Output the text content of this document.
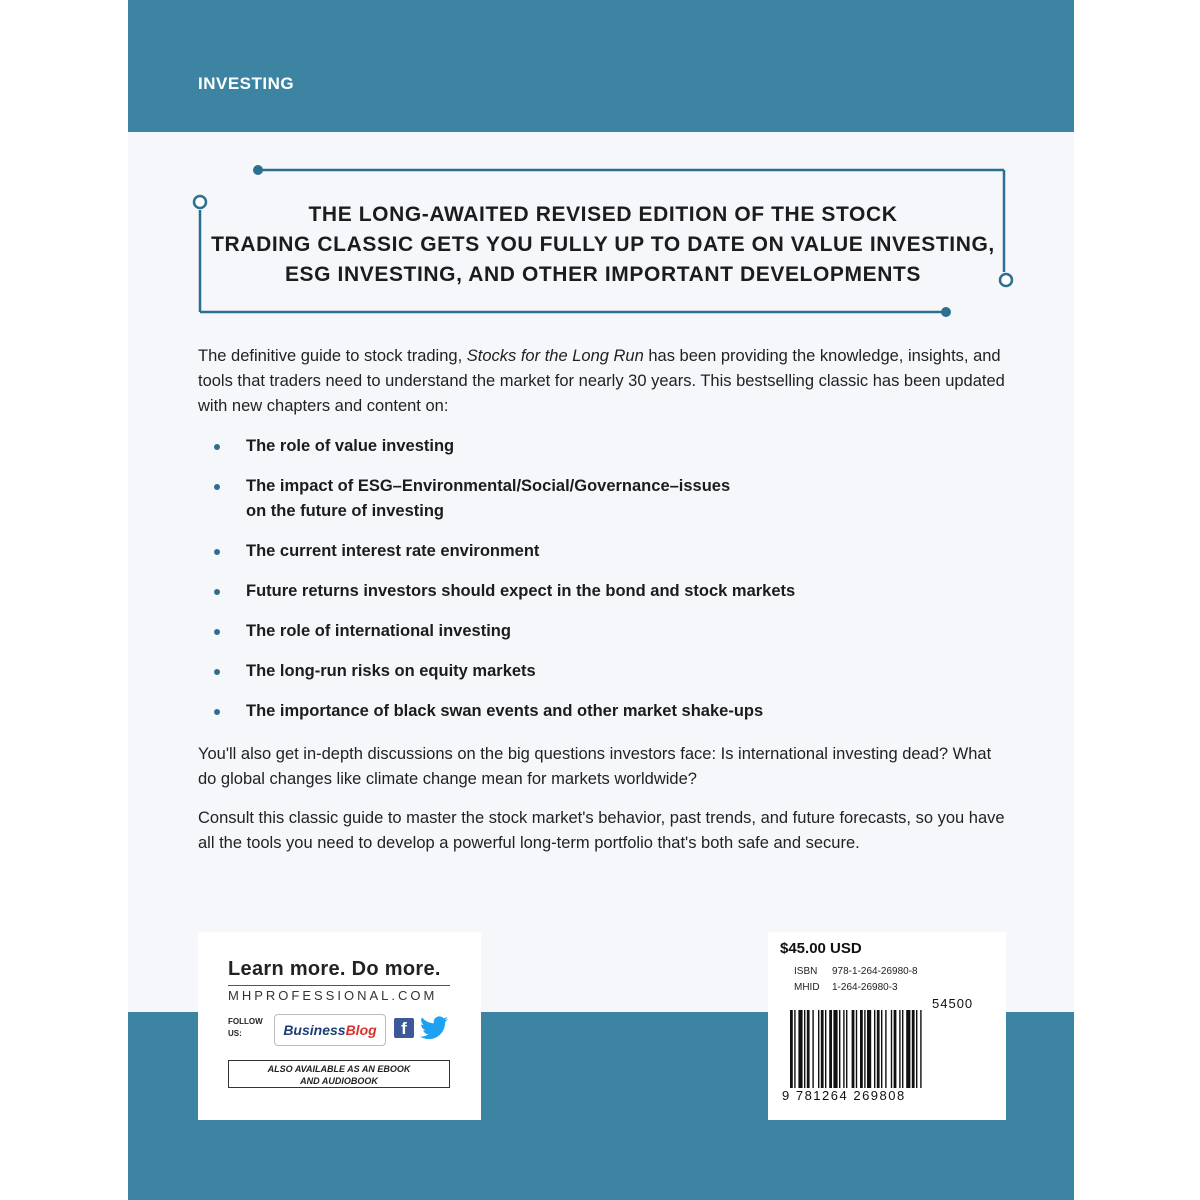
INVESTING
THE LONG-AWAITED REVISED EDITION OF THE STOCK
TRADING CLASSIC GETS YOU FULLY UP TO DATE ON VALUE INVESTING,
ESG INVESTING, AND OTHER IMPORTANT DEVELOPMENTS
The definitive guide to stock trading, Stocks for the Long Run has been providing the knowledge, insights, and tools that traders need to understand the market for nearly 30 years. This bestselling classic has been updated with new chapters and content on:
The role of value investing
The impact of ESG–Environmental/Social/Governance–issues
on the future of investing
The current interest rate environment
Future returns investors should expect in the bond and stock markets
The role of international investing
The long-run risks on equity markets
The importance of black swan events and other market shake-ups
You'll also get in-depth discussions on the big questions investors face: Is international investing dead? What do global changes like climate change mean for markets worldwide?
Consult this classic guide to master the stock market's behavior, past trends, and future forecasts, so you have all the tools you need to develop a powerful long-term portfolio that's both safe and secure.
Learn more. Do more.
MHPROFESSIONAL.COM
FOLLOW
US:	BusinessBlog	f
ALSO AVAILABLE AS AN EBOOK
AND AUDIOBOOK
$45.00 USD
ISBN 978-1-264-26980-8
MHID 1-264-26980-3
54500
9 781264 269808
